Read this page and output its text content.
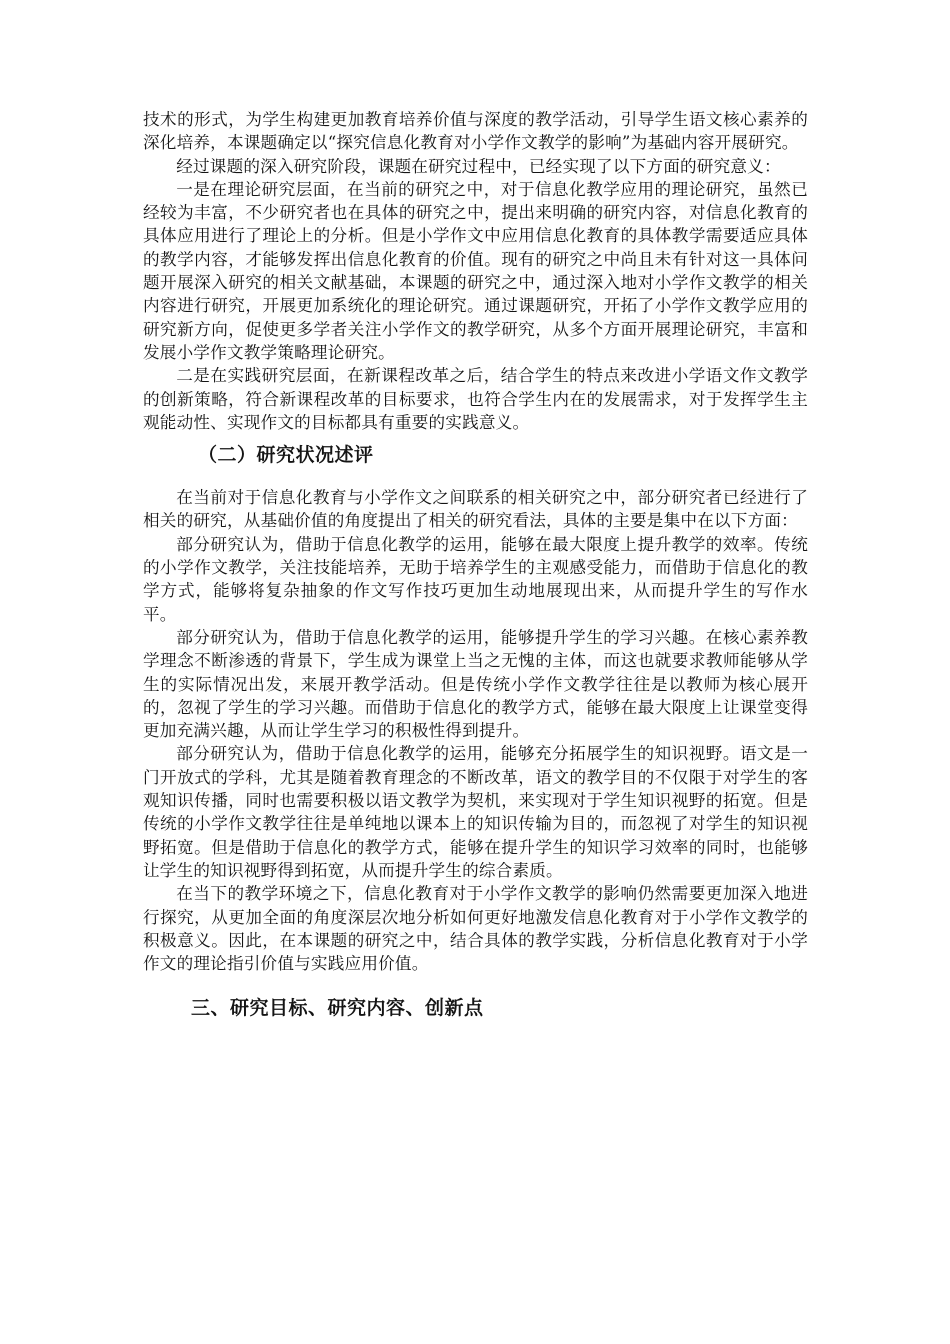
技术的形式，为学生构建更加教育培养价值与深度的教学活动，引导学生语文核心素养的深化培养，本课题确定以“探究信息化教育对小学作文教学的影响”为基础内容开展研究。

经过课题的深入研究阶段，课题在研究过程中，已经实现了以下方面的研究意义：

一是在理论研究层面，在当前的研究之中，对于信息化教学应用的理论研究，虽然已经较为丰富，不少研究者也在具体的研究之中，提出来明确的研究内容，对信息化教育的具体应用进行了理论上的分析。但是小学作文中应用信息化教育的具体教学需要适应具体的教学内容，才能够发挥出信息化教育的价值。现有的研究之中尚且未有针对这一具体问题开展深入研究的相关文献基础，本课题的研究之中，通过深入地对小学作文教学的相关内容进行研究，开展更加系统化的理论研究。通过课题研究，开拓了小学作文教学应用的研究新方向，促使更多学者关注小学作文的教学研究，从多个方面开展理论研究，丰富和发展小学作文教学策略理论研究。

二是在实践研究层面，在新课程改革之后，结合学生的特点来改进小学语文作文教学的创新策略，符合新课程改革的目标要求，也符合学生内在的发展需求，对于发挥学生主观能动性、实现作文的目标都具有重要的实践意义。

（二）研究状况述评

在当前对于信息化教育与小学作文之间联系的相关研究之中，部分研究者已经进行了相关的研究，从基础价值的角度提出了相关的研究看法，具体的主要是集中在以下方面：

部分研究认为，借助于信息化教学的运用，能够在最大限度上提升教学的效率。传统的小学作文教学，关注技能培养，无助于培养学生的主观感受能力，而借助于信息化的教学方式，能够将复杂抽象的作文写作技巧更加生动地展现出来，从而提升学生的写作水平。

部分研究认为，借助于信息化教学的运用，能够提升学生的学习兴趣。在核心素养教学理念不断渗透的背景下，学生成为课堂上当之无愧的主体，而这也就要求教师能够从学生的实际情况出发，来展开教学活动。但是传统小学作文教学往往是以教师为核心展开的，忽视了学生的学习兴趣。而借助于信息化的教学方式，能够在最大限度上让课堂变得更加充满兴趣，从而让学生学习的积极性得到提升。

部分研究认为，借助于信息化教学的运用，能够充分拓展学生的知识视野。语文是一门开放式的学科，尤其是随着教育理念的不断改革，语文的教学目的不仅限于对学生的客观知识传播，同时也需要积极以语文教学为契机，来实现对于学生知识视野的拓宽。但是传统的小学作文教学往往是单纯地以课本上的知识传输为目的，而忽视了对学生的知识视野拓宽。但是借助于信息化的教学方式，能够在提升学生的知识学习效率的同时，也能够让学生的知识视野得到拓宽，从而提升学生的综合素质。

在当下的教学环境之下，信息化教育对于小学作文教学的影响仍然需要更加深入地进行探究，从更加全面的角度深层次地分析如何更好地激发信息化教育对于小学作文教学的积极意义。因此，在本课题的研究之中，结合具体的教学实践，分析信息化教育对于小学作文的理论指引价值与实践应用价值。

三、研究目标、研究内容、创新点
